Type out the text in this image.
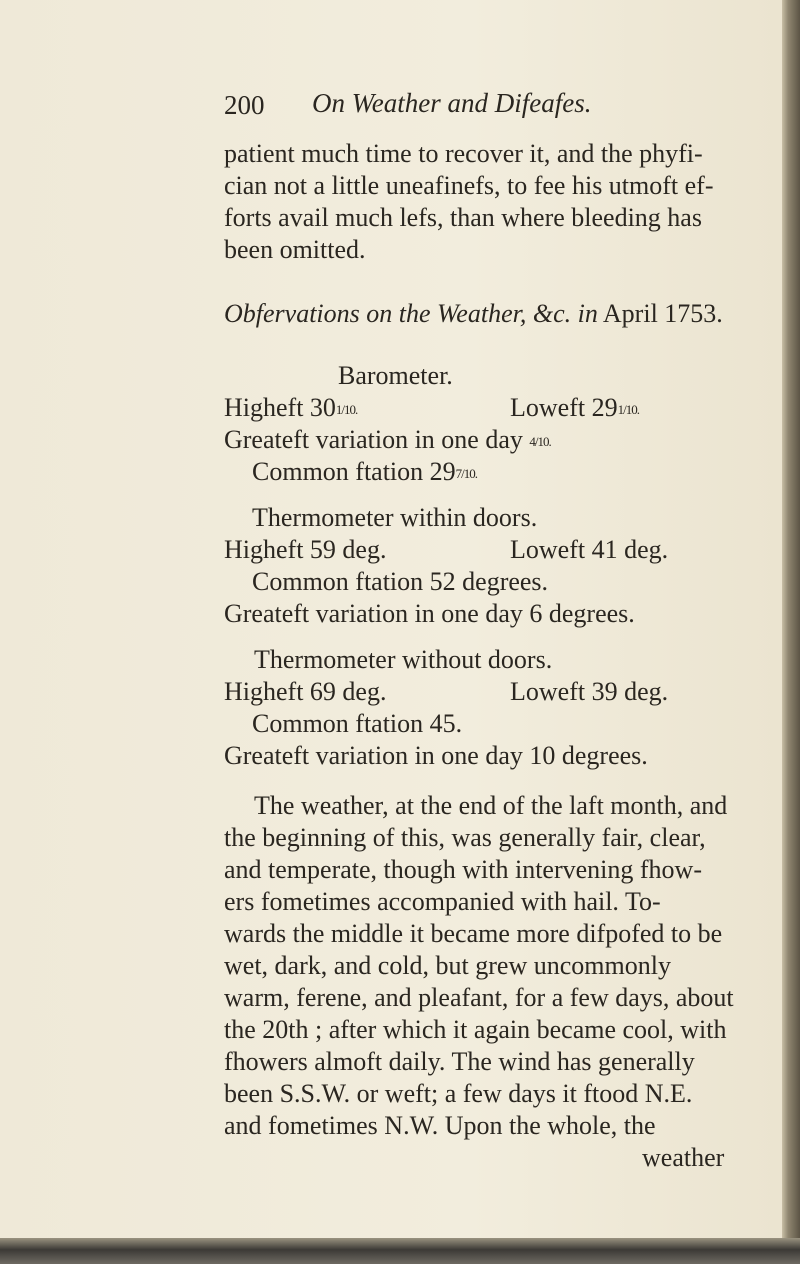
200 On Weather and Difeafes.
patient much time to recover it, and the phyfi-
cian not a little uneafinefs, to fee his utmoft ef-
forts avail much lefs, than where bleeding has
been omitted.
Obfervations on the Weather, &c. in April 1753.
Barometer.
Higheft 301/10.	Loweft 291/10.
Greateft variation in one day 4/10.
Common ftation 297/10.
Thermometer within doors.
Higheft 59 deg.	Loweft 41 deg.
Common ftation 52 degrees.
Greateft variation in one day 6 degrees.
Thermometer without doors.
Higheft 69 deg.	Loweft 39 deg.
Common ftation 45.
Greateft variation in one day 10 degrees.
The weather, at the end of the laft month, and
the beginning of this, was generally fair, clear,
and temperate, though with intervening fhow-
ers fometimes accompanied with hail. To-
wards the middle it became more difpofed to be
wet, dark, and cold, but grew uncommonly
warm, ferene, and pleafant, for a few days, about
the 20th ; after which it again became cool, with
fhowers almoft daily. The wind has generally
been S.S.W. or weft; a few days it ftood N.E.
and fometimes N.W. Upon the whole, the
weather
